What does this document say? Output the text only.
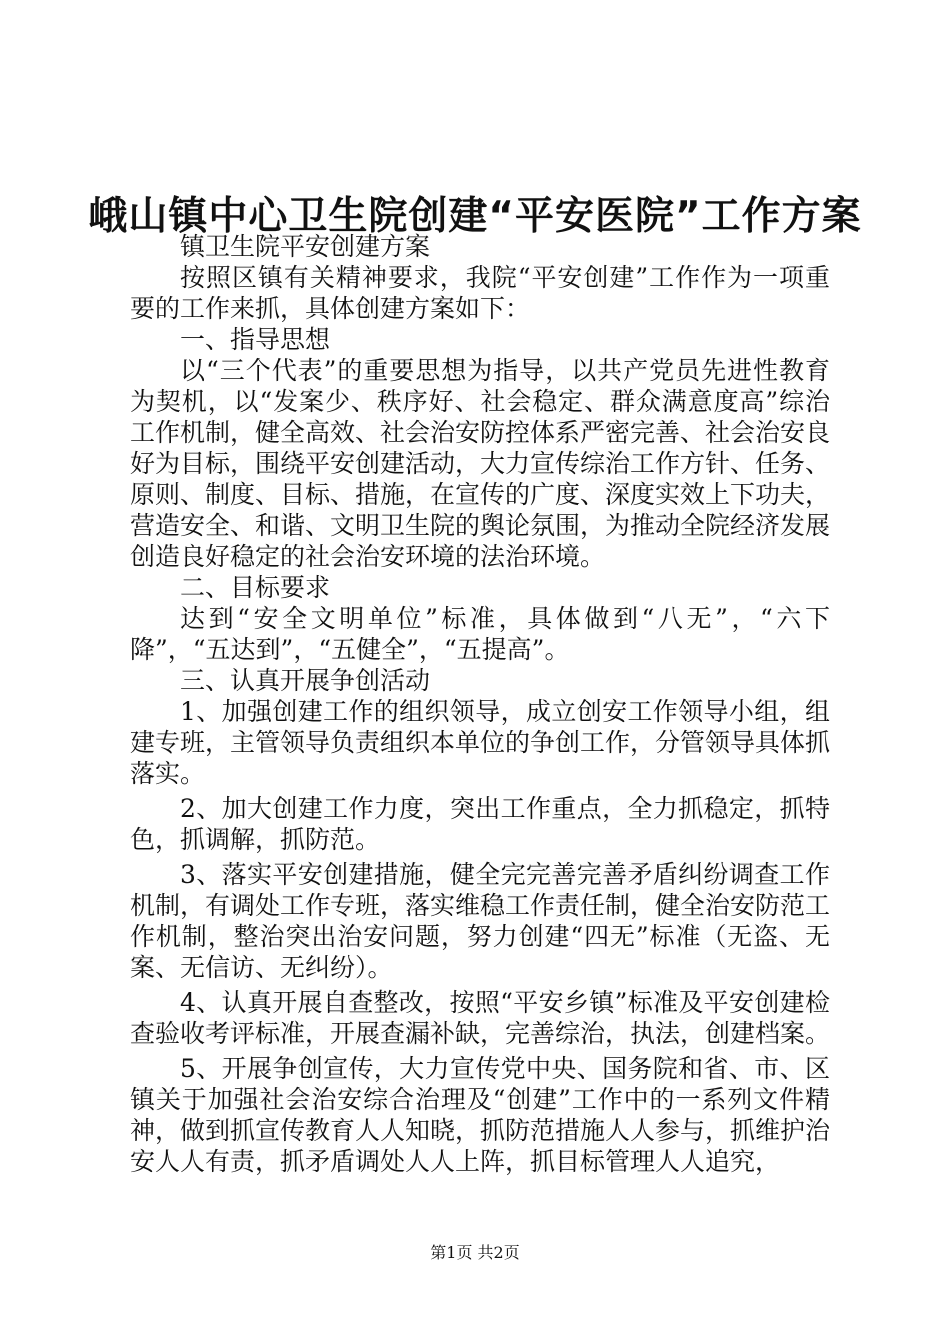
峨山镇中心卫生院创建“平安医院”工作方案

镇卫生院平安创建方案

按照区镇有关精神要求，我院“平安创建”工作作为一项重要的工作来抓，具体创建方案如下：

一、指导思想

以“三个代表”的重要思想为指导，以共产党员先进性教育为契机，以“发案少、秩序好、社会稳定、群众满意度高”综治工作机制，健全高效、社会治安防控体系严密完善、社会治安良好为目标，围绕平安创建活动，大力宣传综治工作方针、任务、原则、制度、目标、措施，在宣传的广度、深度实效上下功夫，营造安全、和谐、文明卫生院的舆论氛围，为推动全院经济发展创造良好稳定的社会治安环境的法治环境。

二、目标要求

达到“安全文明单位”标准，具体做到“八无”，“六下降”，“五达到”，“五健全”，“五提高”。

三、认真开展争创活动

1、加强创建工作的组织领导，成立创安工作领导小组，组建专班，主管领导负责组织本单位的争创工作，分管领导具体抓落实。

2、加大创建工作力度，突出工作重点，全力抓稳定，抓特色，抓调解，抓防范。

3、落实平安创建措施，健全完完善完善矛盾纠纷调查工作机制，有调处工作专班，落实维稳工作责任制，健全治安防范工作机制，整治突出治安问题，努力创建“四无”标准（无盗、无案、无信访、无纠纷）。

4、认真开展自查整改，按照“平安乡镇”标准及平安创建检查验收考评标准，开展查漏补缺，完善综治，执法，创建档案。

5、开展争创宣传，大力宣传党中央、国务院和省、市、区镇关于加强社会治安综合治理及“创建”工作中的一系列文件精神，做到抓宣传教育人人知晓，抓防范措施人人参与，抓维护治安人人有责，抓矛盾调处人人上阵，抓目标管理人人追究，

第1页 共2页
